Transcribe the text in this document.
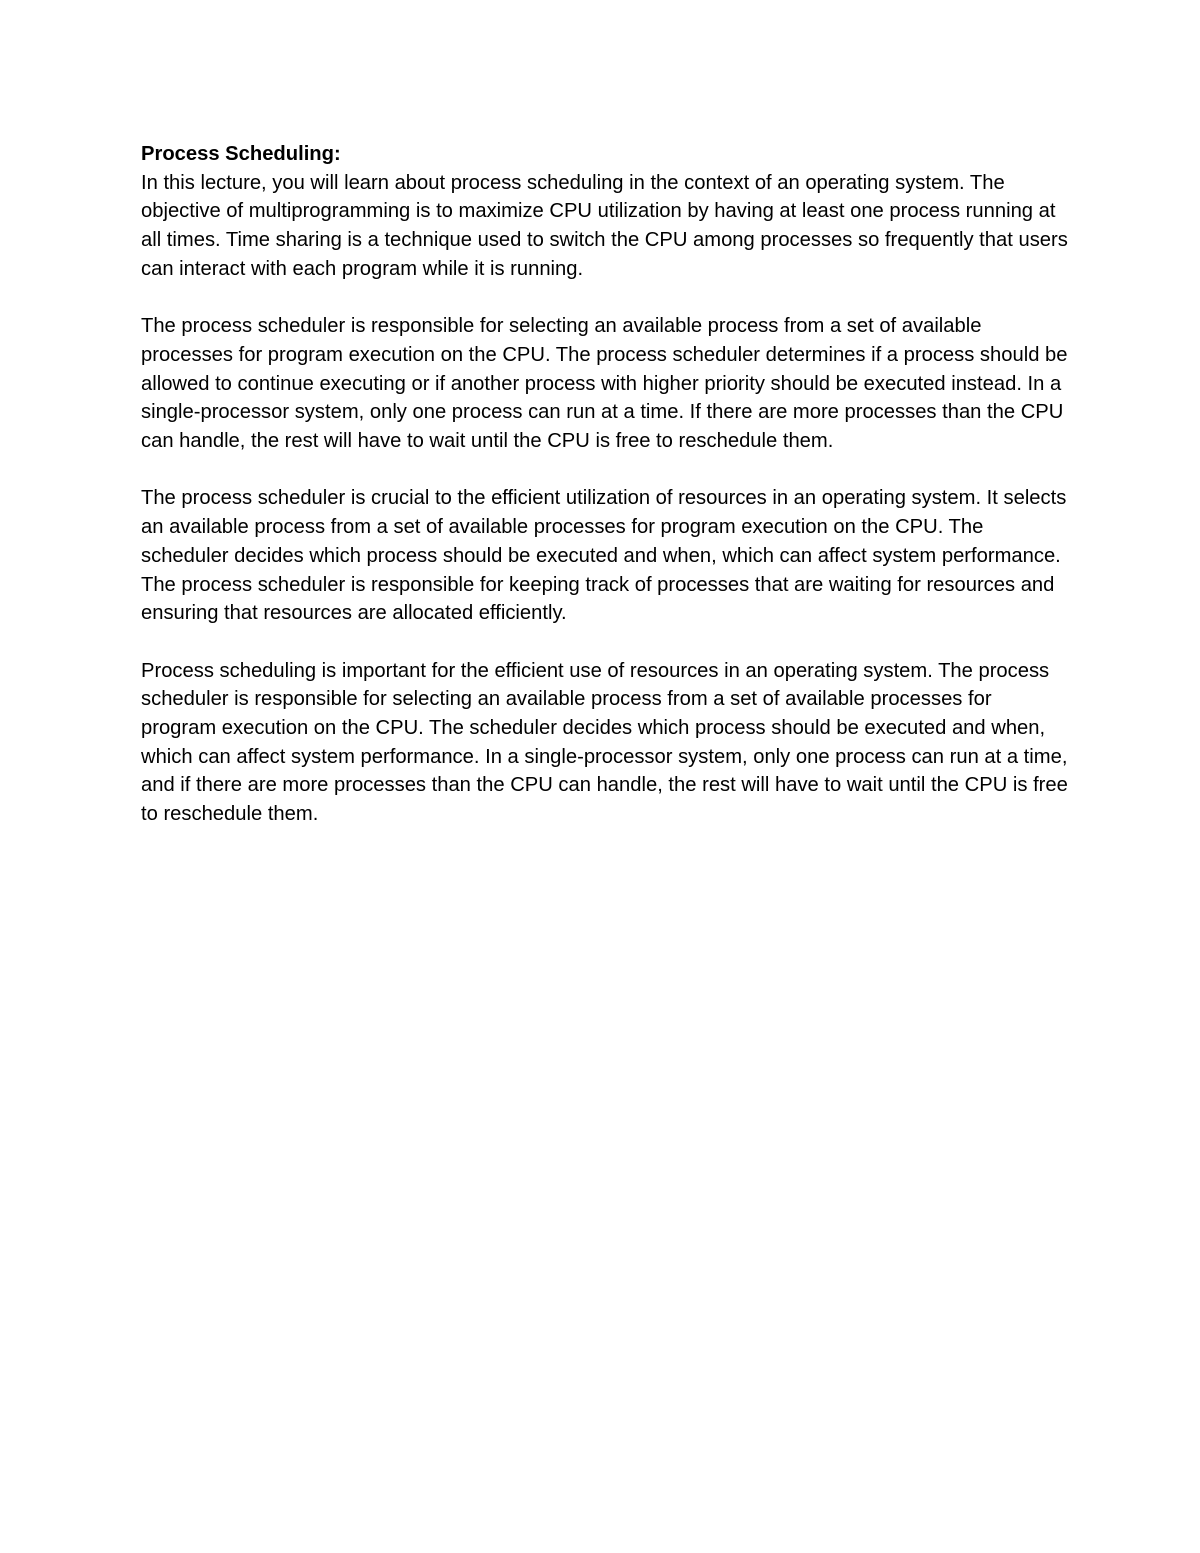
Process Scheduling:

In this lecture, you will learn about process scheduling in the context of an operating system. The objective of multiprogramming is to maximize CPU utilization by having at least one process running at all times. Time sharing is a technique used to switch the CPU among processes so frequently that users can interact with each program while it is running.

The process scheduler is responsible for selecting an available process from a set of available processes for program execution on the CPU. The process scheduler determines if a process should be allowed to continue executing or if another process with higher priority should be executed instead. In a single-processor system, only one process can run at a time. If there are more processes than the CPU can handle, the rest will have to wait until the CPU is free to reschedule them.

The process scheduler is crucial to the efficient utilization of resources in an operating system. It selects an available process from a set of available processes for program execution on the CPU. The scheduler decides which process should be executed and when, which can affect system performance. The process scheduler is responsible for keeping track of processes that are waiting for resources and ensuring that resources are allocated efficiently.

Process scheduling is important for the efficient use of resources in an operating system. The process scheduler is responsible for selecting an available process from a set of available processes for program execution on the CPU. The scheduler decides which process should be executed and when, which can affect system performance. In a single-processor system, only one process can run at a time, and if there are more processes than the CPU can handle, the rest will have to wait until the CPU is free to reschedule them.
